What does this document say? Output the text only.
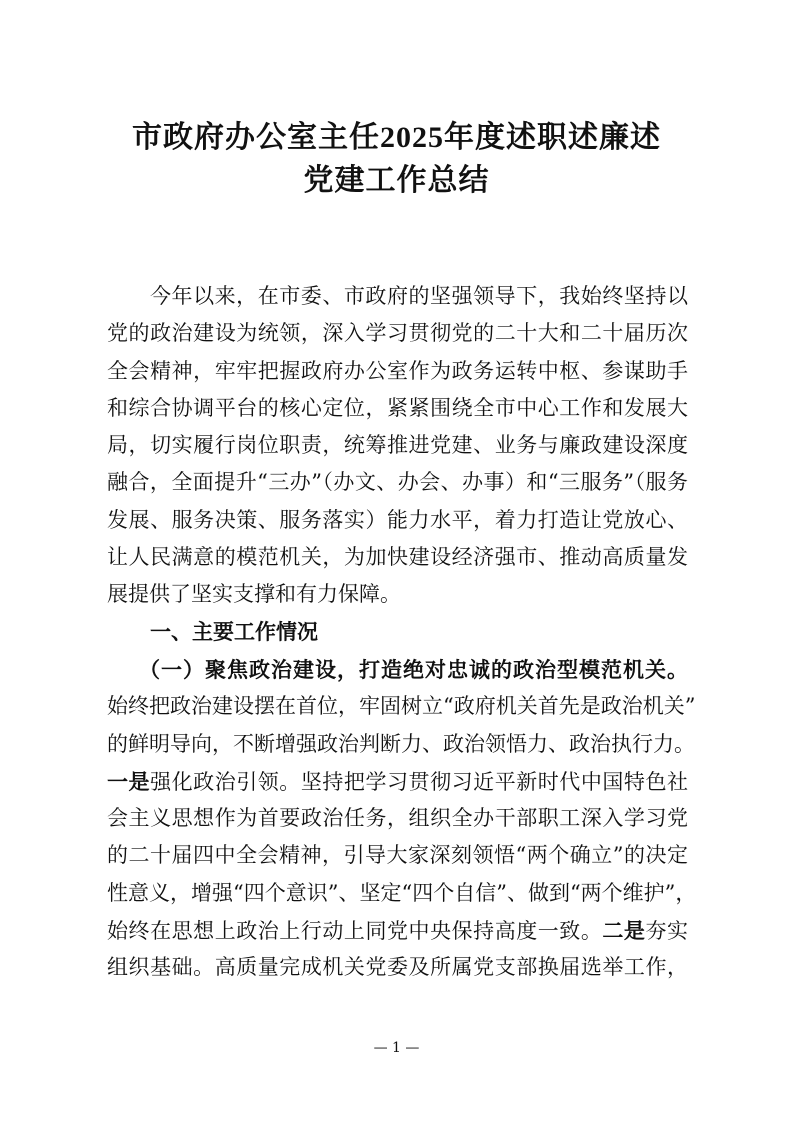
市政府办公室主任2025年度述职述廉述
党建工作总结
今年以来，在市委、市政府的坚强领导下，我始终坚持以
党的政治建设为统领，深入学习贯彻党的二十大和二十届历次
全会精神，牢牢把握政府办公室作为政务运转中枢、参谋助手
和综合协调平台的核心定位，紧紧围绕全市中心工作和发展大
局，切实履行岗位职责，统筹推进党建、业务与廉政建设深度
融合，全面提升“三办”（办文、办会、办事）和“三服务”（服务
发展、服务决策、服务落实）能力水平，着力打造让党放心、
让人民满意的模范机关，为加快建设经济强市、推动高质量发
展提供了坚实支撑和有力保障。
一、主要工作情况
（一）聚焦政治建设，打造绝对忠诚的政治型模范机关。
始终把政治建设摆在首位，牢固树立“政府机关首先是政治机关”
的鲜明导向，不断增强政治判断力、政治领悟力、政治执行力。
一是强化政治引领。坚持把学习贯彻习近平新时代中国特色社
会主义思想作为首要政治任务，组织全办干部职工深入学习党
的二十届四中全会精神，引导大家深刻领悟“两个确立”的决定
性意义，增强“四个意识”、坚定“四个自信”、做到“两个维护”，
始终在思想上政治上行动上同党中央保持高度一致。二是夯实
组织基础。高质量完成机关党委及所属党支部换届选举工作，
— 1 —
